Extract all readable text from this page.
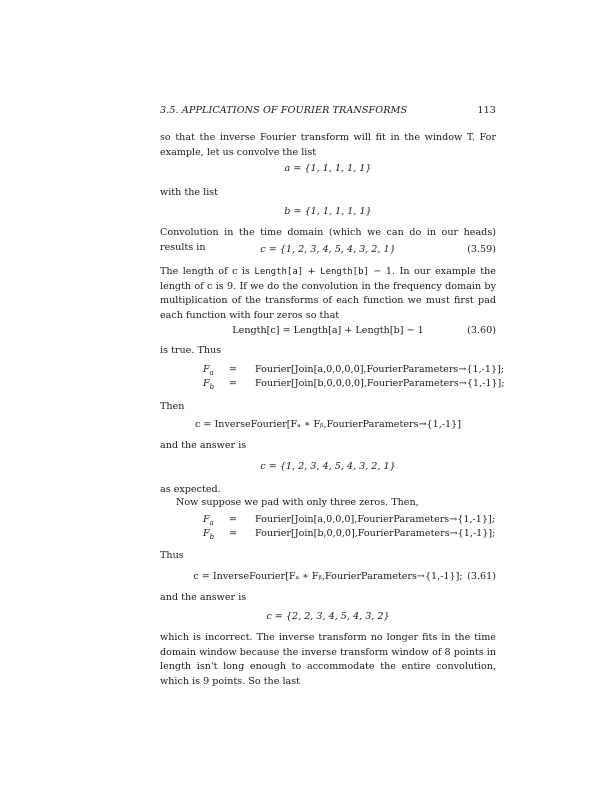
3.5. APPLICATIONS OF FOURIER TRANSFORMS	113
so that the inverse Fourier transform will fit in the window T. For example, let us convolve the list
a = {1, 1, 1, 1, 1}
with the list
b = {1, 1, 1, 1, 1}
Convolution in the time domain (which we can do in our heads) results in	c = {1, 2, 3, 4, 5, 4, 3, 2, 1}	(3.59)
The length of c is Length[a] + Length[b] − 1. In our example the length of c is 9. If we do the convolution in the frequency domain by multiplication of the transforms of each function we must first pad each function with four zeros so that
Length[c] = Length[a] + Length[b] − 1	(3.60)
is true. Thus
$F_a$ = Fourier[Join[a,0,0,0,0],FourierParameters→{1,-1}];
$F_b$ = Fourier[Join[b,0,0,0,0],FourierParameters→{1,-1}];
Then
c = InverseFourier[Fₐ ∗ Fᵦ,FourierParameters→{1,-1}]
and the answer is
c = {1, 2, 3, 4, 5, 4, 3, 2, 1}
as expected.
Now suppose we pad with only three zeros. Then,
$F_a$ = Fourier[Join[a,0,0,0],FourierParameters→{1,-1}];
$F_b$ = Fourier[Join[b,0,0,0],FourierParameters→{1,-1}];
Thus
c = InverseFourier[Fₐ ∗ Fᵦ,FourierParameters→{1,-1}]; (3.61)
and the answer is
c = {2, 2, 3, 4, 5, 4, 3, 2}
which is incorrect. The inverse transform no longer fits in the time domain window because the inverse transform window of 8 points in length isn't long enough to accommodate the entire convolution, which is 9 points. So the last
